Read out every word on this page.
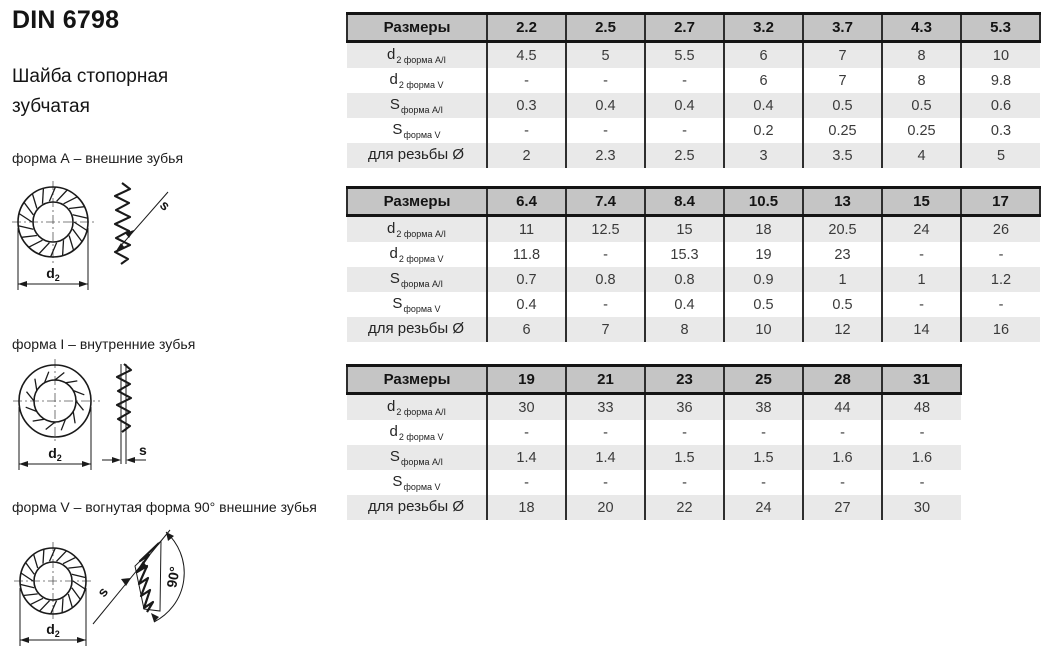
DIN 6798
Шайба стопорная зубчатая
форма А – внешние зубья
$d_2$
s
форма I – внутренние зубья
$d_2$	s
форма V – вогнутая форма 90° внешние зубья
$d_2$
s
90°
Размеры	2.2	2.5	2.7	3.2	3.7	4.3	5.3
$d_{2 форма А/I}$	4.5	5	5.5	6	7	8	10
$d_{2 форма V}$	-	-	-	6	7	8	9.8
$S_{форма А/I}$	0.3	0.4	0.4	0.4	0.5	0.5	0.6
$S_{форма V}$	-	-	-	0.2	0.25	0.25	0.3
для резьбы Ø	2	2.3	2.5	3	3.5	4	5
Размеры	6.4	7.4	8.4	10.5	13	15	17
$d_{2 форма А/I}$	11	12.5	15	18	20.5	24	26
$d_{2 форма V}$	11.8	-	15.3	19	23	-	-
$S_{форма А/I}$	0.7	0.8	0.8	0.9	1	1	1.2
$S_{форма V}$	0.4	-	0.4	0.5	0.5	-	-
для резьбы Ø	6	7	8	10	12	14	16
Размеры	19	21	23	25	28	31
$d_{2 форма А/I}$	30	33	36	38	44	48
$d_{2 форма V}$	-	-	-	-	-	-
$S_{форма А/I}$	1.4	1.4	1.5	1.5	1.6	1.6
$S_{форма V}$	-	-	-	-	-	-
для резьбы Ø	18	20	22	24	27	30
